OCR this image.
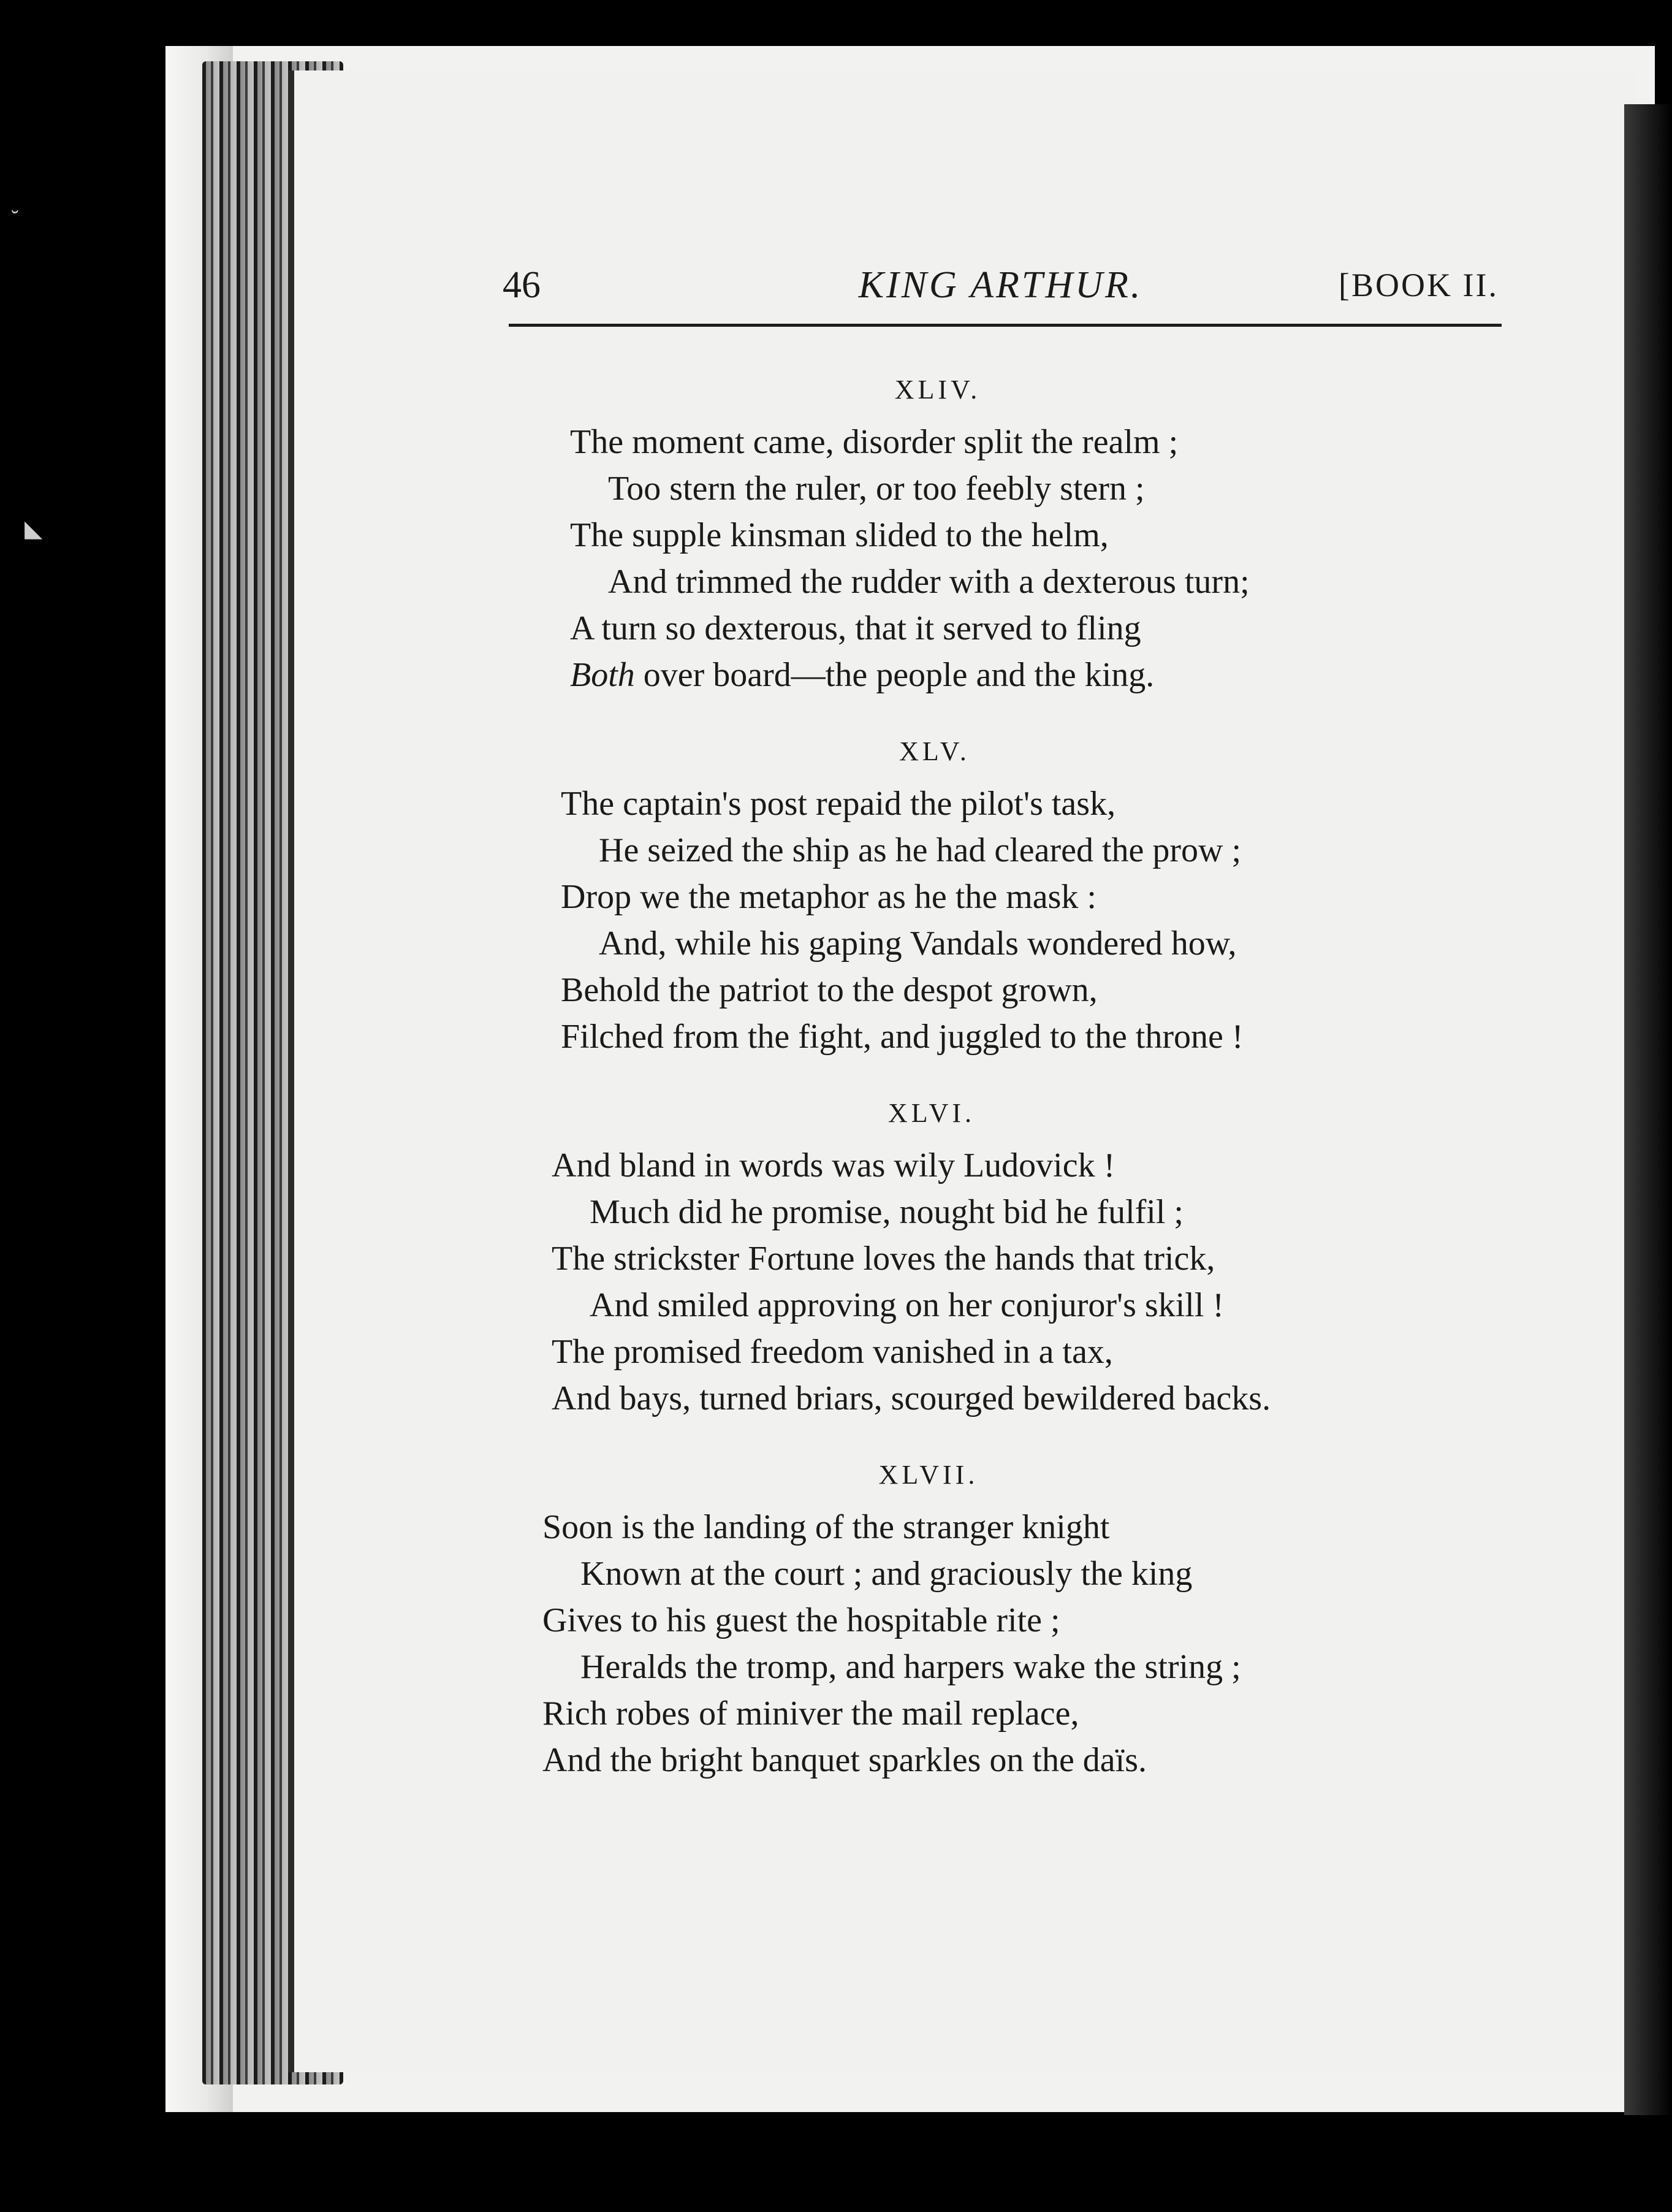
˘
◣
46	KING ARTHUR.	[BOOK II.
XLIV.
The moment came, disorder split the realm ;
Too stern the ruler, or too feebly stern ;
The supple kinsman slided to the helm,
And trimmed the rudder with a dexterous turn;
A turn so dexterous, that it served to fling
Both over board—the people and the king.
XLV.
The captain's post repaid the pilot's task,
He seized the ship as he had cleared the prow ;
Drop we the metaphor as he the mask :
And, while his gaping Vandals wondered how,
Behold the patriot to the despot grown,
Filched from the fight, and juggled to the throne !
XLVI.
And bland in words was wily Ludovick !
Much did he promise, nought bid he fulfil ;
The strickster Fortune loves the hands that trick,
And smiled approving on her conjuror's skill !
The promised freedom vanished in a tax,
And bays, turned briars, scourged bewildered backs.
XLVII.
Soon is the landing of the stranger knight
Known at the court ; and graciously the king
Gives to his guest the hospitable rite ;
Heralds the tromp, and harpers wake the string ;
Rich robes of miniver the mail replace,
And the bright banquet sparkles on the daïs.
